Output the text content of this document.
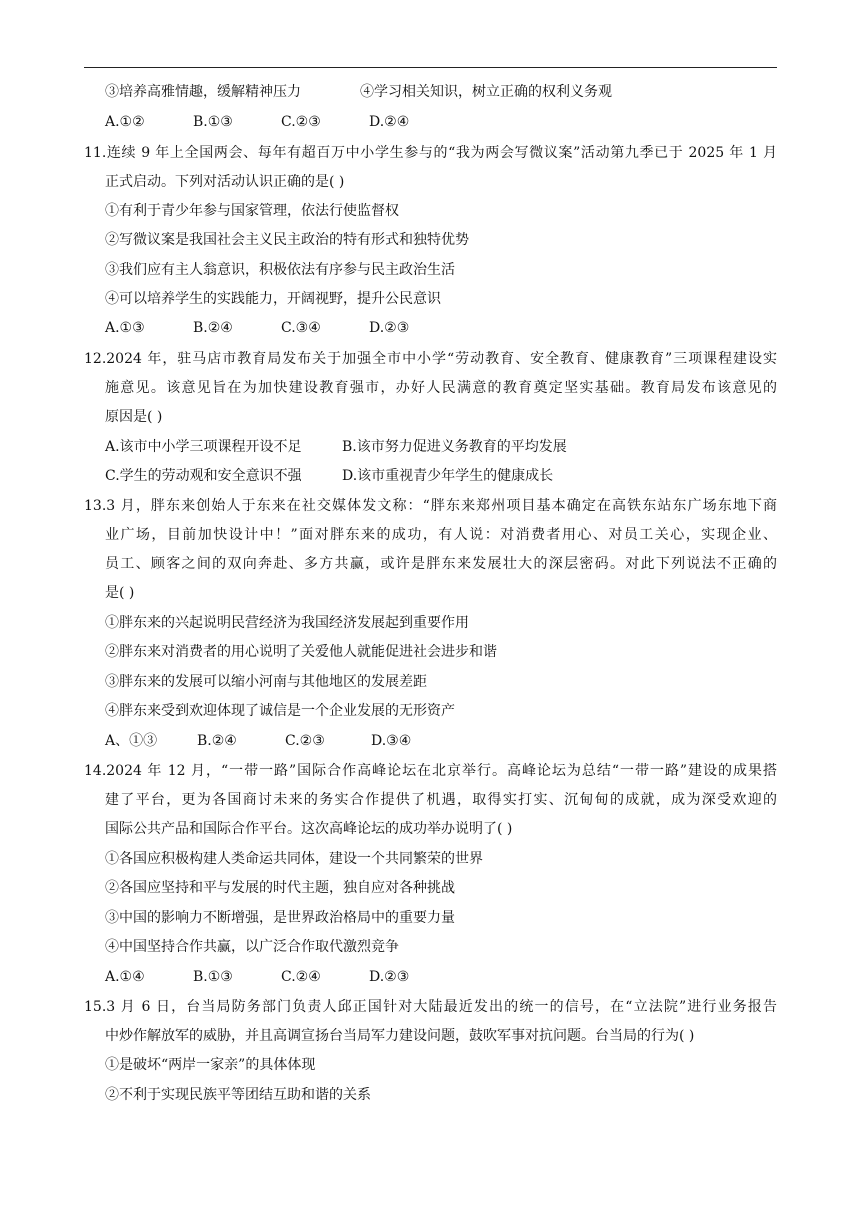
③培养高雅情趣，缓解精神压力	④学习相关知识，树立正确的权利义务观
A.①②	B.①③	C.②③	D.②④
11.连续 9 年上全国两会、每年有超百万中小学生参与的“我为两会写微议案”活动第九季已于 2025 年 1 月
正式启动。下列对活动认识正确的是( )
①有利于青少年参与国家管理，依法行使监督权
②写微议案是我国社会主义民主政治的特有形式和独特优势
③我们应有主人翁意识，积极依法有序参与民主政治生活
④可以培养学生的实践能力，开阔视野，提升公民意识
A.①③	B.②④	C.③④	D.②③
12.2024 年，驻马店市教育局发布关于加强全市中小学“劳动教育、安全教育、健康教育”三项课程建设实
施意见。该意见旨在为加快建设教育强市，办好人民满意的教育奠定坚实基础。教育局发布该意见的
原因是( )
A.该市中小学三项课程开设不足	B.该市努力促进义务教育的平均发展
C.学生的劳动观和安全意识不强	D.该市重视青少年学生的健康成长
13.3 月，胖东来创始人于东来在社交媒体发文称：“胖东来郑州项目基本确定在高铁东站东广场东地下商
业广场，目前加快设计中！”面对胖东来的成功，有人说：对消费者用心、对员工关心，实现企业、
员工、顾客之间的双向奔赴、多方共赢，或许是胖东来发展壮大的深层密码。对此下列说法不正确的
是( )
①胖东来的兴起说明民营经济为我国经济发展起到重要作用
②胖东来对消费者的用心说明了关爱他人就能促进社会进步和谐
③胖东来的发展可以缩小河南与其他地区的发展差距
④胖东来受到欢迎体现了诚信是一个企业发展的无形资产
A、①③	B.②④	C.②③	D.③④
14.2024 年 12 月，“一带一路”国际合作高峰论坛在北京举行。高峰论坛为总结“一带一路”建设的成果搭
建了平台，更为各国商讨未来的务实合作提供了机遇，取得实打实、沉甸甸的成就，成为深受欢迎的
国际公共产品和国际合作平台。这次高峰论坛的成功举办说明了( )
①各国应积极构建人类命运共同体，建设一个共同繁荣的世界
②各国应坚持和平与发展的时代主题，独自应对各种挑战
③中国的影响力不断增强，是世界政治格局中的重要力量
④中国坚持合作共赢，以广泛合作取代激烈竞争
A.①④	B.①③	C.②④	D.②③
15.3 月 6 日，台当局防务部门负责人邱正国针对大陆最近发出的统一的信号，在“立法院”进行业务报告
中炒作解放军的威胁，并且高调宣扬台当局军力建设问题，鼓吹军事对抗问题。台当局的行为( )
①是破坏“两岸一家亲”的具体体现
②不利于实现民族平等团结互助和谐的关系
